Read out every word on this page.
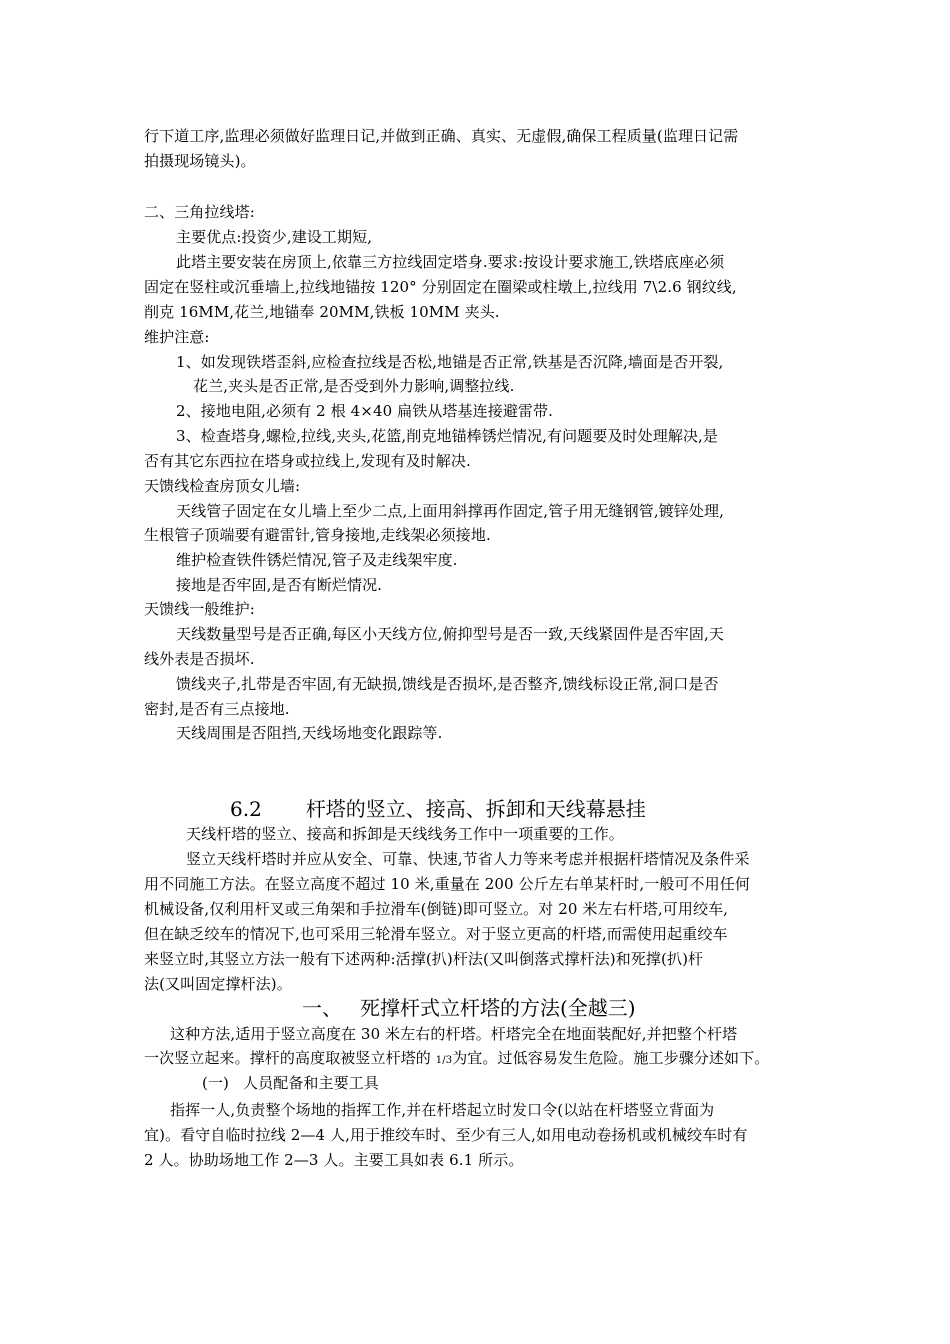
行下道工序,监理必须做好监理日记,并做到正确、真实、无虚假,确保工程质量(监理日记需
拍摄现场镜头)。
二、三角拉线塔:
主要优点:投资少,建设工期短,
此塔主要安装在房顶上,依靠三方拉线固定塔身.要求:按设计要求施工,铁塔底座必须
固定在竖柱或沉垂墙上,拉线地锚按 120° 分别固定在圈梁或柱墩上,拉线用 7\2.6 钢纹线,
削克 16MM,花兰,地锚奉 20MM,铁板 10MM 夹头.
维护注意:
1、如发现铁塔歪斜,应检查拉线是否松,地锚是否正常,铁基是否沉降,墙面是否开裂,
花兰,夹头是否正常,是否受到外力影响,调整拉线.
2、接地电阻,必须有 2 根 4×40 扁铁从塔基连接避雷带.
3、检查塔身,螺检,拉线,夹头,花篮,削克地锚棒锈烂情况,有问题要及时处理解决,是
否有其它东西拉在塔身或拉线上,发现有及时解决.
天馈线检查房顶女儿墙:
天线管子固定在女儿墙上至少二点,上面用斜撑再作固定,管子用无缝钢管,镀锌处理,
生根管子顶端要有避雷针,管身接地,走线架必须接地.
维护检查铁件锈烂情况,管子及走线架牢度.
接地是否牢固,是否有断烂情况.
天馈线一般维护:
天线数量型号是否正确,每区小天线方位,俯抑型号是否一致,天线紧固件是否牢固,天
线外表是否损坏.
馈线夹子,扎带是否牢固,有无缺损,馈线是否损坏,是否整齐,馈线标设正常,洞口是否
密封,是否有三点接地.
天线周围是否阻挡,天线场地变化跟踪等.
6.2 杆塔的竖立、接高、拆卸和天线幕悬挂
天线杆塔的竖立、接高和拆卸是天线线务工作中一项重要的工作。
竖立天线杆塔时并应从安全、可靠、快速,节省人力等来考虑并根据杆塔情况及条件采
用不同施工方法。在竖立高度不超过 10 米,重量在 200 公斤左右单某杆时,一般可不用任何
机械设备,仅利用杆叉或三角架和手拉滑车(倒链)即可竖立。对 20 米左右杆塔,可用绞车,
但在缺乏绞车的情况下,也可采用三轮滑车竖立。对于竖立更高的杆塔,而需使用起重绞车
来竖立时,其竖立方法一般有下述两种:活撑(扒)杆法(又叫倒落式撑杆法)和死撑(扒)杆
法(又叫固定撑杆法)。
一、 死撑杆式立杆塔的方法(全越三)
这种方法,适用于竖立高度在 30 米左右的杆塔。杆塔完全在地面装配好,并把整个杆塔
一次竖立起来。撑杆的高度取被竖立杆塔的 1/3为宜。过低容易发生危险。施工步骤分述如下。
(一) 人员配备和主要工具
指挥一人,负责整个场地的指挥工作,并在杆塔起立时发口令(以站在杆塔竖立背面为
宜)。看守自临时拉线 2—4 人,用于推绞车时、至少有三人,如用电动卷扬机或机械绞车时有
2 人。协助场地工作 2—3 人。主要工具如表 6.1 所示。
